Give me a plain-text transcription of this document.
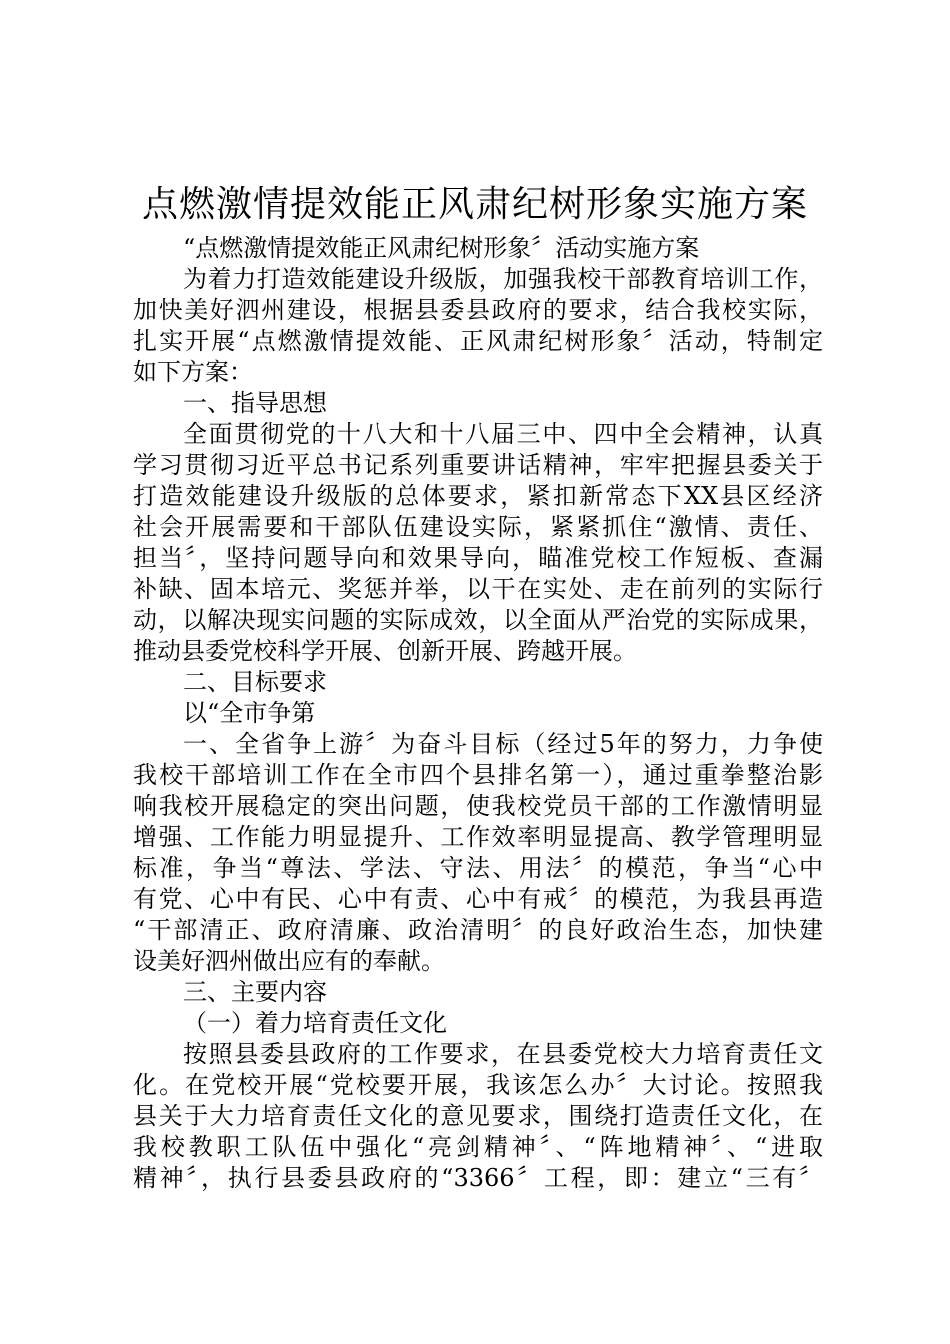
点燃激情提效能正风肃纪树形象实施方案
“点燃激情提效能正风肃纪树形象〞活动实施方案
为着力打造效能建设升级版，加强我校干部教育培训工作，
加快美好泗州建设，根据县委县政府的要求，结合我校实际，
扎实开展“点燃激情提效能、正风肃纪树形象〞活动，特制定
如下方案：
一、指导思想
全面贯彻党的十八大和十八届三中、四中全会精神，认真
学习贯彻习近平总书记系列重要讲话精神，牢牢把握县委关于
打造效能建设升级版的总体要求，紧扣新常态下XX县区经济
社会开展需要和干部队伍建设实际，紧紧抓住“激情、责任、
担当〞，坚持问题导向和效果导向，瞄准党校工作短板、查漏
补缺、固本培元、奖惩并举，以干在实处、走在前列的实际行
动，以解决现实问题的实际成效，以全面从严治党的实际成果，
推动县委党校科学开展、创新开展、跨越开展。
二、目标要求
以“全市争第
一、全省争上游〞为奋斗目标（经过5年的努力，力争使
我校干部培训工作在全市四个县排名第一），通过重拳整治影
响我校开展稳定的突出问题，使我校党员干部的工作激情明显
增强、工作能力明显提升、工作效率明显提高、教学管理明显
标准，争当“尊法、学法、守法、用法〞的模范，争当“心中
有党、心中有民、心中有责、心中有戒〞的模范，为我县再造
“干部清正、政府清廉、政治清明〞的良好政治生态，加快建
设美好泗州做出应有的奉献。
三、主要内容
（一）着力培育责任文化
按照县委县政府的工作要求，在县委党校大力培育责任文
化。在党校开展“党校要开展，我该怎么办〞大讨论。按照我
县关于大力培育责任文化的意见要求，围绕打造责任文化，在
我校教职工队伍中强化“亮剑精神〞、“阵地精神〞、“进取
精神〞，执行县委县政府的“3366〞工程，即：建立“三有〞
